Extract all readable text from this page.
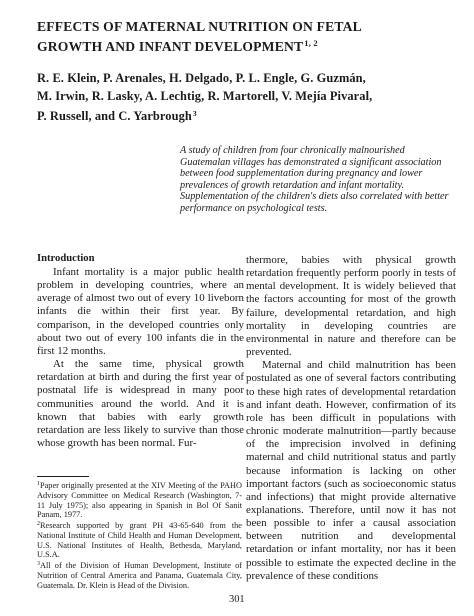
EFFECTS OF MATERNAL NUTRITION ON FETAL
GROWTH AND INFANT DEVELOPMENT$^{1, 2}$
R. E. Klein, P. Arenales, H. Delgado, P. L. Engle, G. Guzmán,
M. Irwin, R. Lasky, A. Lechtig, R. Martorell, V. Mejía Pivaral,
P. Russell, and C. Yarbrough$^3$
A study of children from four chronically malnourished Guatemalan villages has demonstrated a significant association between food supplementation during pregnancy and lower prevalences of growth retardation and infant mortality. Supplementation of the children's diets also correlated with better performance on psychological tests.
Introduction

Infant mortality is a major public health problem in developing countries, where an average of almost two out of every 10 liveborn infants die within their first year. By comparison, in the developed countries only about two out of every 100 infants die in the first 12 months.

At the same time, physical growth retardation at birth and during the first year of postnatal life is widespread in many poor communities around the world. And it is known that babies with early growth retardation are less likely to survive than those whose growth has been normal. Fur-

thermore, babies with physical growth retardation frequently perform poorly in tests of mental development. It is widely believed that the factors accounting for most of the growth failure, developmental retardation, and high mortality in developing countries are environmental in nature and therefore can be prevented.

Maternal and child malnutrition has been postulated as one of several factors contributing to these high rates of developmental retardation and infant death. However, confirmation of its role has been difficult in populations with chronic moderate malnutrition—partly because of the imprecision involved in defining maternal and child nutritional status and partly because information is lacking on other important factors (such as socioeconomic status and infections) that might provide alternative explanations. Therefore, until now it has not been possible to infer a causal association between nutrition and developmental retardation or infant mortality, nor has it been possible to estimate the expected decline in the prevalence of these conditions

$^1$Paper originally presented at the XIV Meeting of the PAHO Advisory Committee on Medical Research (Washington, 7-11 July 1975); also appearing in Spanish in Bol Of Sanit Panam, 1977.

$^2$Research supported by grant PH 43-65-640 from the National Institute of Child Health and Human Development, U.S. National Institutes of Health, Bethesda, Maryland, U.S.A.

$^3$All of the Division of Human Development, Institute of Nutrition of Central America and Panama, Guatemala City, Guatemala. Dr. Klein is Head of the Division.

301
